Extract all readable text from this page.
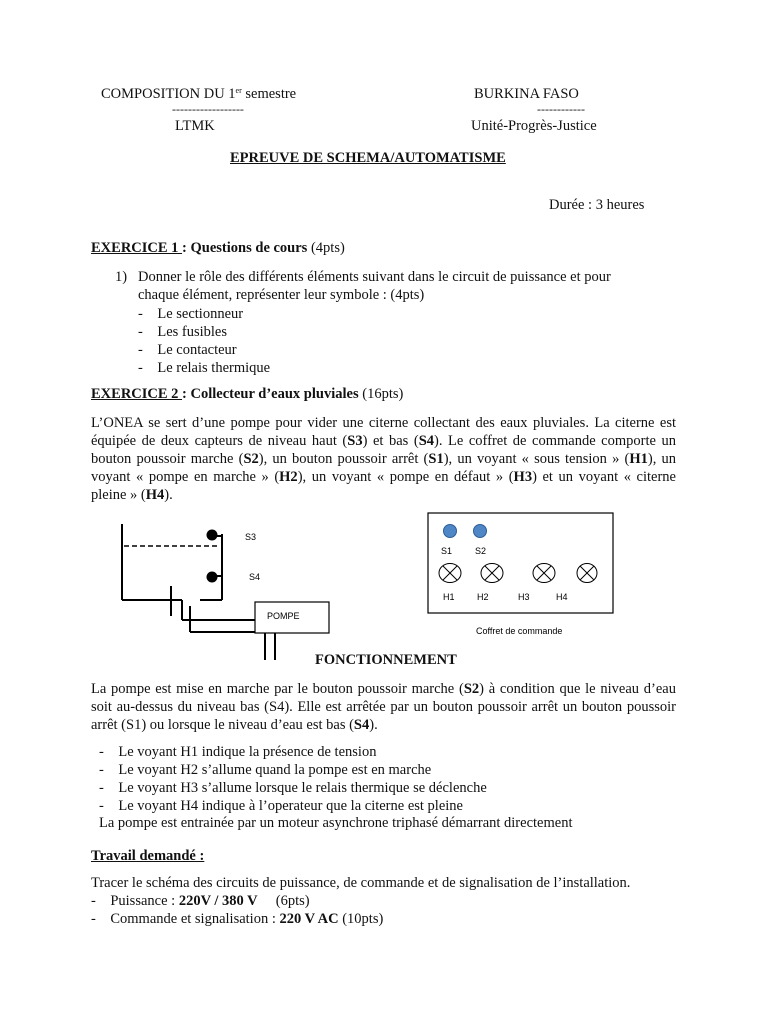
COMPOSITION DU 1er semestre
------------------
LTMK
BURKINA FASO
------------
Unité-Progrès-Justice
EPREUVE DE SCHEMA/AUTOMATISME
Durée : 3 heures
EXERCICE 1 : Questions de cours (4pts)
1) Donner le rôle des différents éléments suivant dans le circuit de puissance et pour
chaque élément, représenter leur symbole : (4pts)
-    Le sectionneur
-    Les fusibles
-    Le contacteur
-    Le relais thermique
EXERCICE 2 : Collecteur d’eaux pluviales (16pts)
L’ONEA se sert d’une pompe pour vider une citerne collectant des eaux pluviales. La citerne est équipée de deux capteurs de niveau haut (S3) et bas (S4). Le coffret de commande comporte un bouton poussoir marche (S2), un bouton poussoir arrêt (S1), un voyant « sous tension » (H1), un voyant « pompe en marche » (H2), un voyant « pompe en défaut » (H3) et un voyant « citerne pleine » (H4).
S3
S4
POMPE
S1	S2
H1 H2	H3	H4
Coffret de commande
FONCTIONNEMENT
La pompe est mise en marche par le bouton poussoir marche (S2) à condition que le niveau d’eau soit au-dessus du niveau bas (S4). Elle est arrêtée par un bouton poussoir arrêt un bouton poussoir arrêt (S1) ou lorsque le niveau d’eau est bas (S4).
-    Le voyant H1 indique la présence de tension
-    Le voyant H2 s’allume quand la pompe est en marche
-    Le voyant H3 s’allume lorsque le relais thermique se déclenche
-    Le voyant H4 indique à l’operateur que la citerne est pleine
La pompe est entrainée par un moteur asynchrone triphasé démarrant directement
Travail demandé :
Tracer le schéma des circuits de puissance, de commande et de signalisation de l’installation.
-    Puissance : 220V / 380 V     (6pts)
-    Commande et signalisation : 220 V AC (10pts)
